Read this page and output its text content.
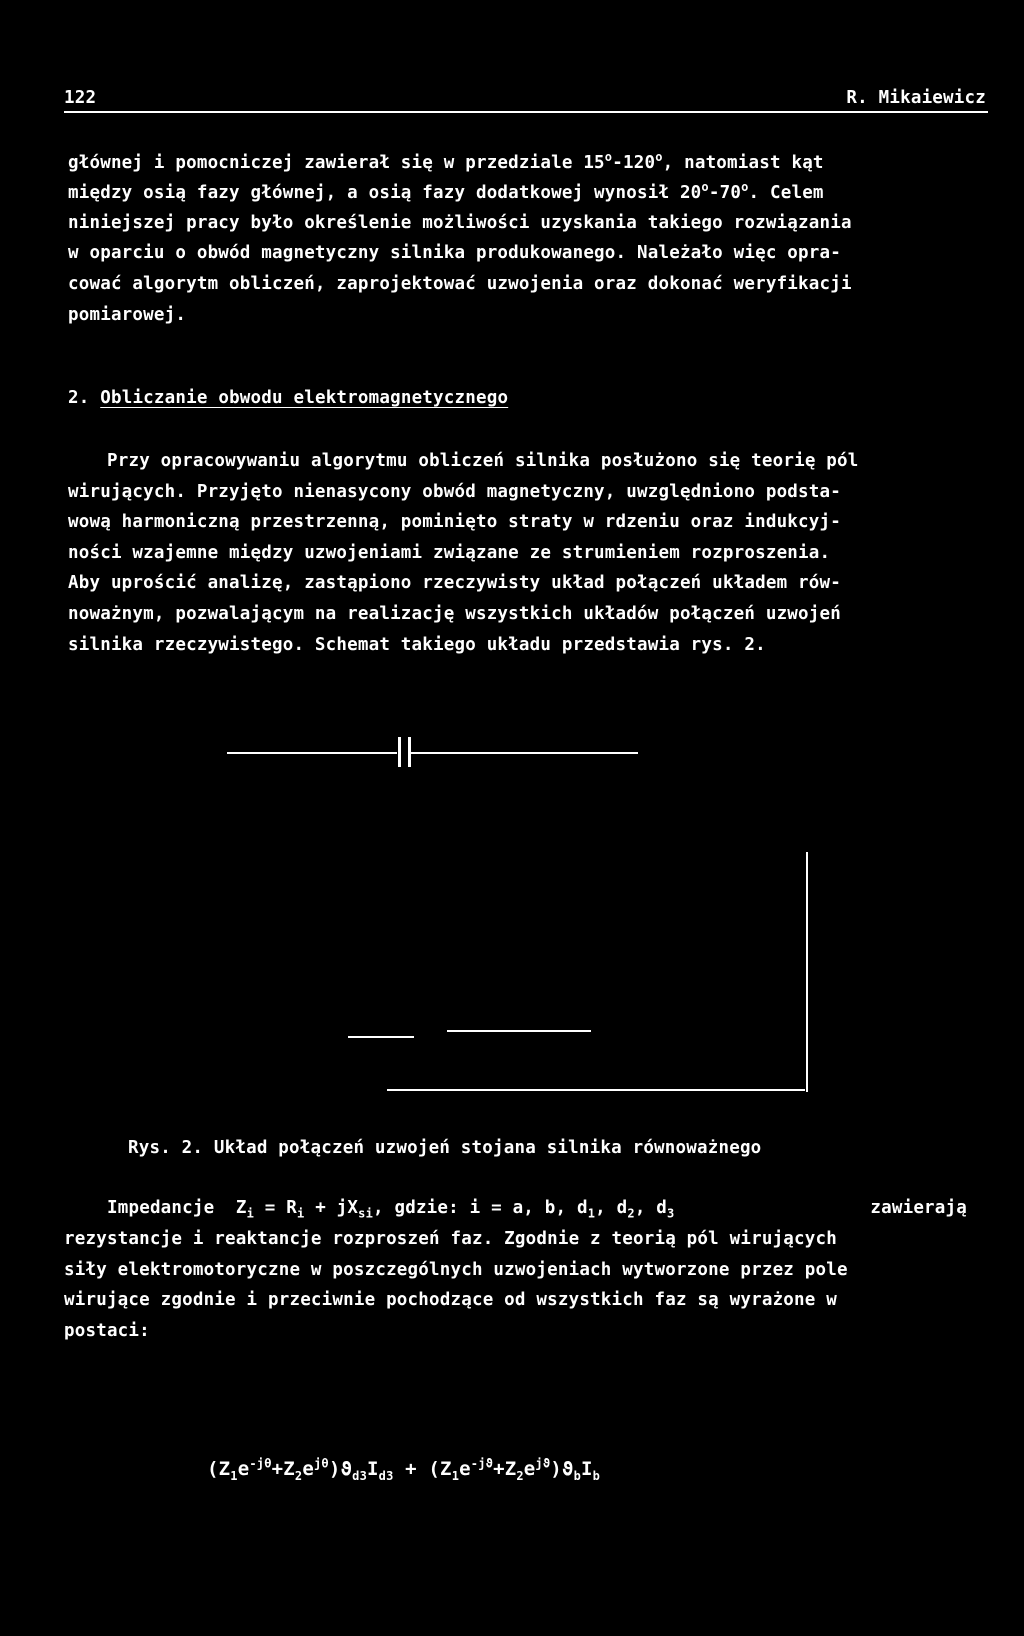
122	R. Mikaiewicz
głównej i pomocniczej zawierał się w przedziale 15$^o$-120$^o$, natomiast kąt
między osią fazy głównej, a osią fazy dodatkowej wynosił 20$^o$-70$^o$. Celem
niniejszej pracy było określenie możliwości uzyskania takiego rozwiązania
w oparciu o obwód magnetyczny silnika produkowanego. Należało więc opra-
cować algorytm obliczeń, zaprojektować uzwojenia oraz dokonać weryfikacji
pomiarowej.
2. Obliczanie obwodu elektromagnetycznego
Przy opracowywaniu algorytmu obliczeń silnika posłużono się teorię pól
wirujących. Przyjęto nienasycony obwód magnetyczny, uwzględniono podsta-
wową harmoniczną przestrzenną, pominięto straty w rdzeniu oraz indukcyj-
ności wzajemne między uzwojeniami związane ze strumieniem rozproszenia.
Aby uprościć analizę, zastąpiono rzeczywisty układ połączeń układem rów-
noważnym, pozwalającym na realizację wszystkich układów połączeń uzwojeń
silnika rzeczywistego. Schemat takiego układu przedstawia rys. 2.
Rys. 2. Układ połączeń uzwojeń stojana silnika równoważnego
Impedancje $Z_i = R_i + jX_{si}$, gdzie: i = a, b, $d_1$, $d_2$, $d_3$	zawierają
rezystancje i reaktancje rozproszeń faz. Zgodnie z teorią pól wirujących
siły elektromotoryczne w poszczególnych uzwojeniach wytworzone przez pole
wirujące zgodnie i przeciwnie pochodzące od wszystkich faz są wyrażone w
postaci:
$(Z_1e^{-j\theta}+Z_2e^{j\theta})ϑ_{d3}I_{d3} + (Z_1e^{-jϑ}+Z_2e^{jϑ})ϑ_bI_b$
